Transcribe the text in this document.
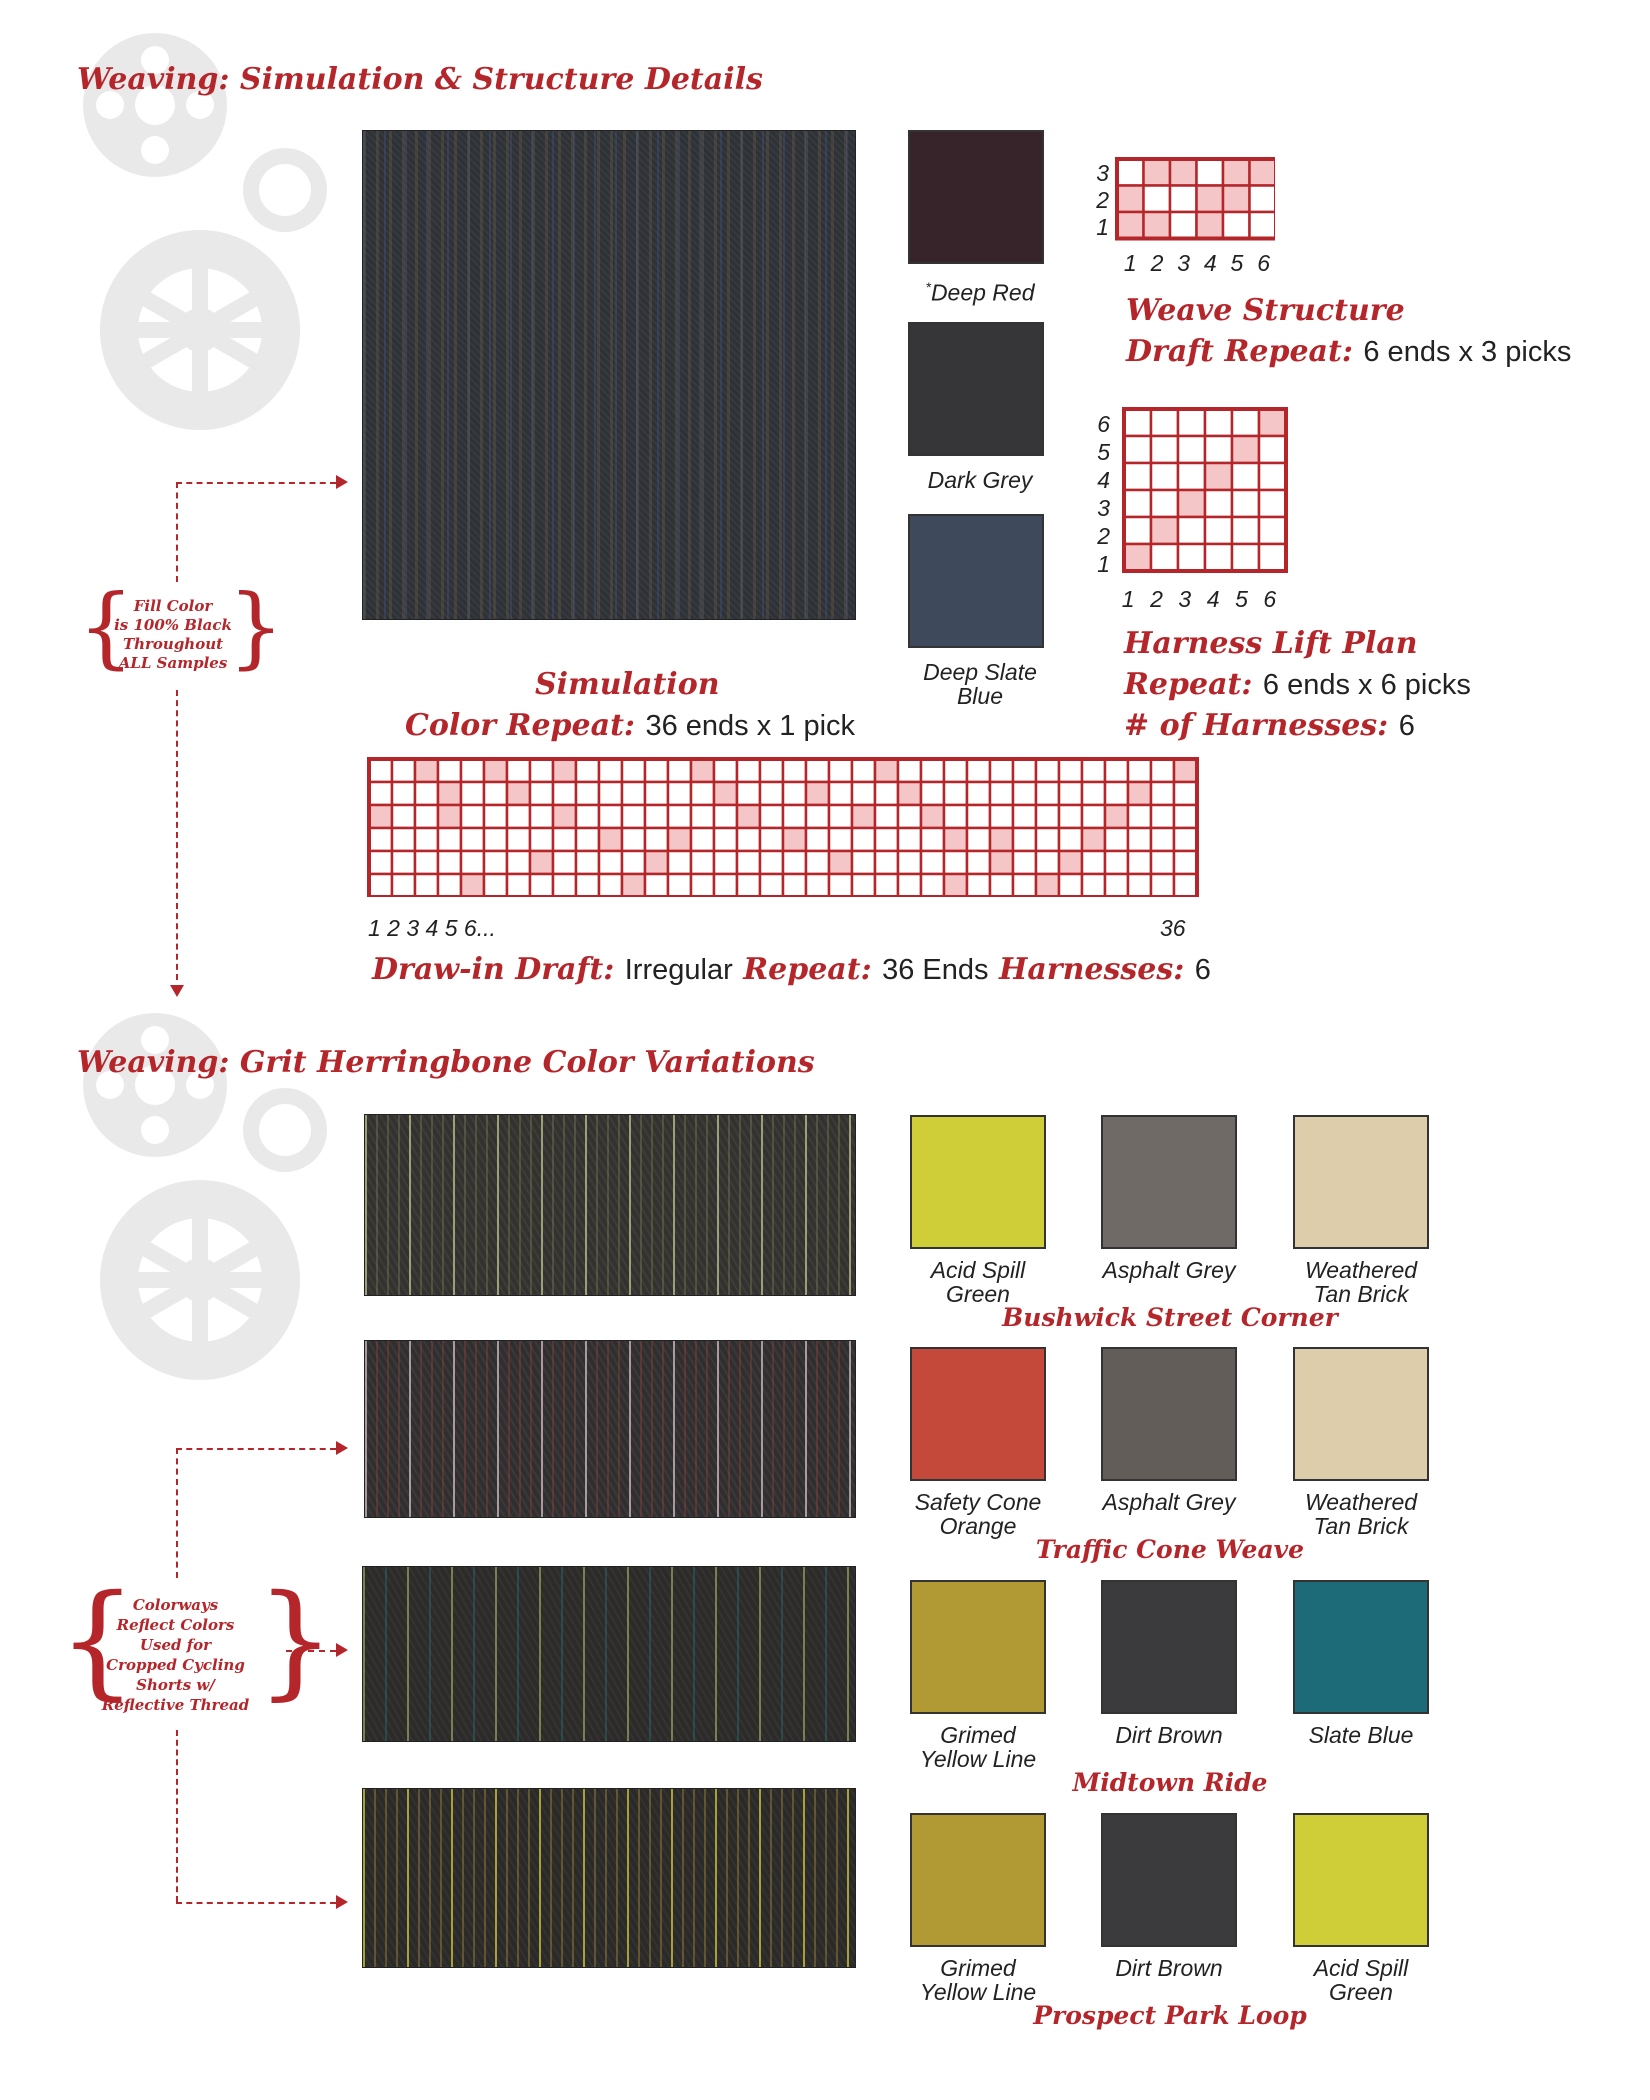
Weaving: Simulation & Structure Details
*Deep Red
Dark Grey
Deep Slate
Blue
3
2
1
1 2 3 4 5 6
Weave Structure
Draft Repeat: 6 ends x 3 picks
6
5
4
3
2
1
1 2 3 4 5 6
Harness Lift Plan
Repeat: 6 ends x 6 picks
# of Harnesses: 6
Simulation
Color Repeat: 36 ends x 1 pick
1 2 3 4 5 6...	36
Draw-in Draft: Irregular Repeat: 36 Ends Harnesses: 6
{ }
Fill Color
is 100% Black
Throughout
ALL Samples
Weaving: Grit Herringbone Color Variations
Acid Spill
Green
Asphalt Grey	Weathered
Tan Brick
Bushwick Street Corner
Safety Cone
Orange
Asphalt Grey	Weathered
Tan Brick
Traffic Cone Weave
Grimed
Yellow Line
Dirt Brown	Slate Blue
Midtown Ride
Grimed
Yellow Line
Dirt Brown	Acid Spill
Green
Prospect Park Loop
{ }
Colorways
Reflect Colors
Used for
Cropped Cycling
Shorts w/
Reflective Thread
